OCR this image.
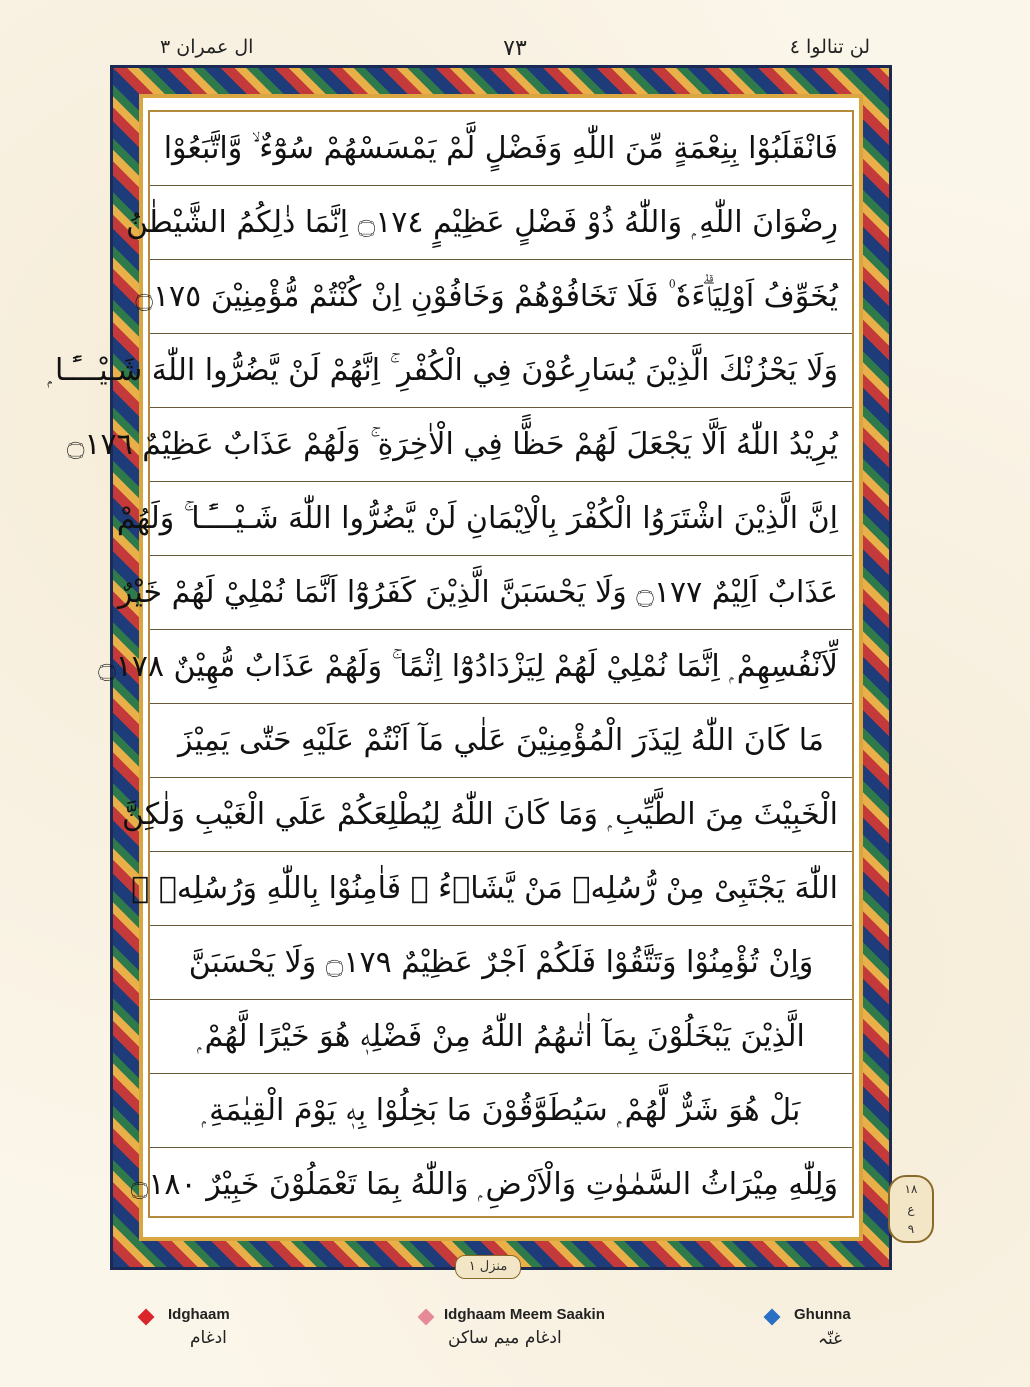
لن تنالوا ٤
٧٣
ال عمران ٣
فَانْقَلَبُوْا بِنِعْمَةٍ مِّنَ اللّٰهِ وَفَضْلٍ لَّمْ يَمْسَسْهُمْ سُوْٓءٌ ۙ وَّاتَّبَعُوْا
رِضْوَانَ اللّٰهِ ۭ وَاللّٰهُ ذُوْ فَضْلٍ عَظِيْمٍ ۝١٧٤ اِنَّمَا ذٰلِكُمُ الشَّيْطٰنُ
يُخَوِّفُ اَوْلِيَاۗءَهٗ ۠ فَلَا تَخَافُوْھُمْ وَخَافُوْنِ اِنْ كُنْتُمْ مُّؤْمِنِيْنَ ۝١٧٥
وَلَا يَحْزُنْكَ الَّذِيْنَ يُسَارِعُوْنَ فِي الْكُفْرِ ۚ اِنَّھُمْ لَنْ يَّضُرُّوا اللّٰهَ شَـيْـــًٔـا ۭ
يُرِيْدُ اللّٰهُ اَلَّا يَجْعَلَ لَھُمْ حَظًّا فِي الْاٰخِرَةِ ۚ وَلَھُمْ عَذَابٌ عَظِيْمٌ ۝١٧٦
اِنَّ الَّذِيْنَ اشْتَرَوُا الْكُفْرَ بِالْاِيْمَانِ لَنْ يَّضُرُّوا اللّٰهَ شَـيْـــًٔـا ۚ وَلَھُمْ
عَذَابٌ اَلِيْمٌ ۝١٧٧ وَلَا يَحْسَبَنَّ الَّذِيْنَ كَفَرُوْٓا اَنَّمَا نُمْلِيْ لَھُمْ خَيْرٌ
لِّاَنْفُسِهِمْ ۭ اِنَّمَا نُمْلِيْ لَھُمْ لِيَزْدَادُوْٓا اِثْمًا ۚ وَلَھُمْ عَذَابٌ مُّهِيْنٌ ۝١٧٨
مَا كَانَ اللّٰهُ لِيَذَرَ الْمُؤْمِنِيْنَ عَلٰي مَآ اَنْتُمْ عَلَيْهِ حَتّٰى يَمِيْزَ
الْخَبِيْثَ مِنَ الطَّيِّبِ ۭ وَمَا كَانَ اللّٰهُ لِيُطْلِعَكُمْ عَلَي الْغَيْبِ وَلٰكِنَّ
اللّٰهَ يَجْتَبِىْ مِنْ رُّسُلِهٖ مَنْ يَّشَاۗءُ ۠ فَاٰمِنُوْا بِاللّٰهِ وَرُسُلِهٖ ۚ
وَاِنْ تُؤْمِنُوْا وَتَتَّقُوْا فَلَكُمْ اَجْرٌ عَظِيْمٌ ۝١٧٩ وَلَا يَحْسَبَنَّ
الَّذِيْنَ يَبْخَلُوْنَ بِمَآ اٰتٰىھُمُ اللّٰهُ مِنْ فَضْلِهٖ ھُوَ خَيْرًا لَّھُمْ ۭ
بَلْ ھُوَ شَرٌّ لَّھُمْ ۭ سَيُطَوَّقُوْنَ مَا بَخِلُوْا بِهٖ يَوْمَ الْقِيٰمَةِ ۭ
وَلِلّٰهِ مِيْرَاثُ السَّمٰوٰتِ وَالْاَرْضِ ۭ وَاللّٰهُ بِمَا تَعْمَلُوْنَ خَبِيْرٌ ۝١٨٠
منزل ١
١٨
ع
٩
Idghaam
ادغام
Idghaam Meem Saakin
ادغام میم ساکن
Ghunna
غنّہ
